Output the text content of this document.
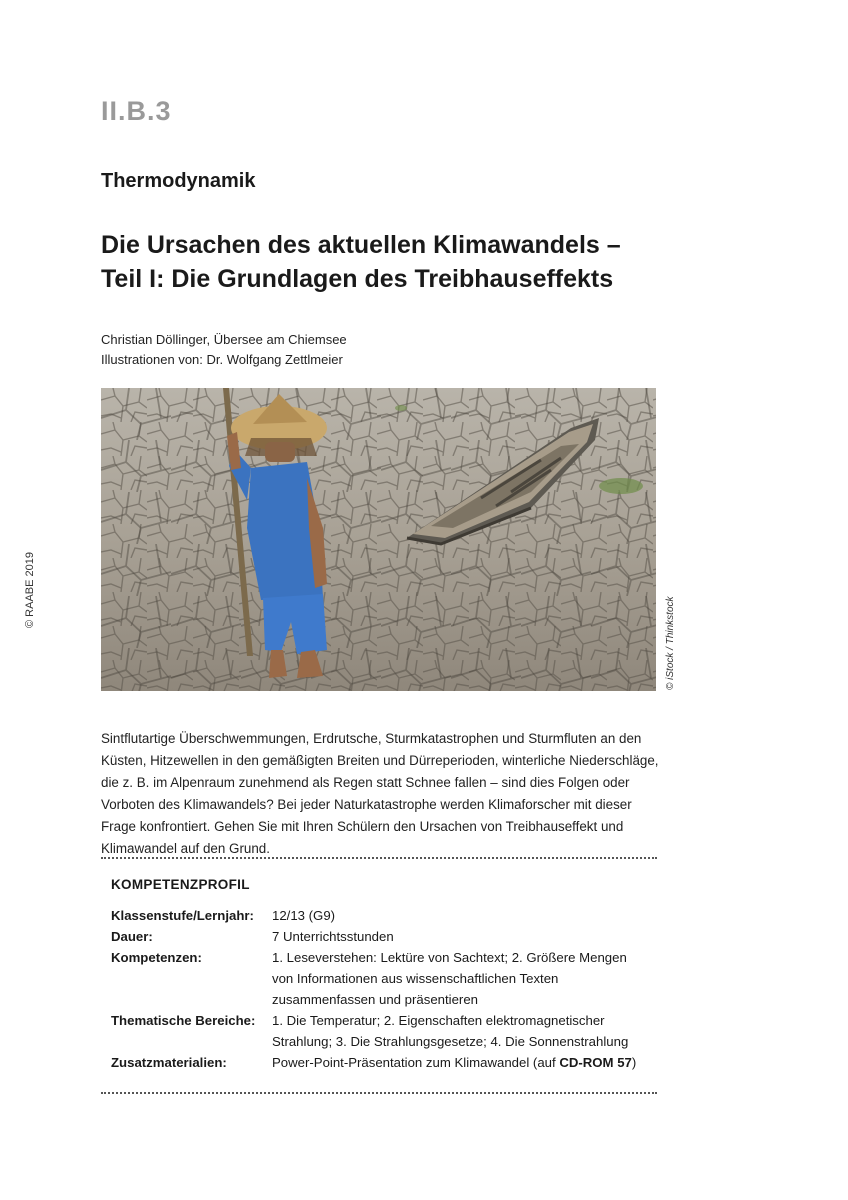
II.B.3
Thermodynamik
Die Ursachen des aktuellen Klimawandels –
Teil I: Die Grundlagen des Treibhauseffekts
Christian Döllinger, Übersee am Chiemsee
Illustrationen von: Dr. Wolfgang Zettlmeier
© RAABE 2019
© iStock / Thinkstock
Sintflutartige Überschwemmungen, Erdrutsche, Sturmkatastrophen und Sturmfluten an den Küsten, Hitzewellen in den gemäßigten Breiten und Dürreperioden, winterliche Niederschläge, die z. B. im Alpenraum zunehmend als Regen statt Schnee fallen – sind dies Folgen oder Vorboten des Klimawandels? Bei jeder Naturkatastrophe werden Klimaforscher mit dieser Frage konfrontiert. Gehen Sie mit Ihren Schülern den Ursachen von Treibhauseffekt und Klimawandel auf den Grund.
KOMPETENZPROFIL
Klassenstufe/Lernjahr:	12/13 (G9)
Dauer:	7 Unterrichtsstunden
Kompetenzen:	1. Leseverstehen: Lektüre von Sachtext; 2. Größere Mengen von Informationen aus wissenschaftlichen Texten zusammenfassen und präsentieren
Thematische Bereiche:	1. Die Temperatur; 2. Eigenschaften elektromagnetischer Strahlung; 3. Die Strahlungsgesetze; 4. Die Sonnenstrahlung
Zusatzmaterialien:	Power-Point-Präsentation zum Klimawandel (auf CD-ROM 57)
